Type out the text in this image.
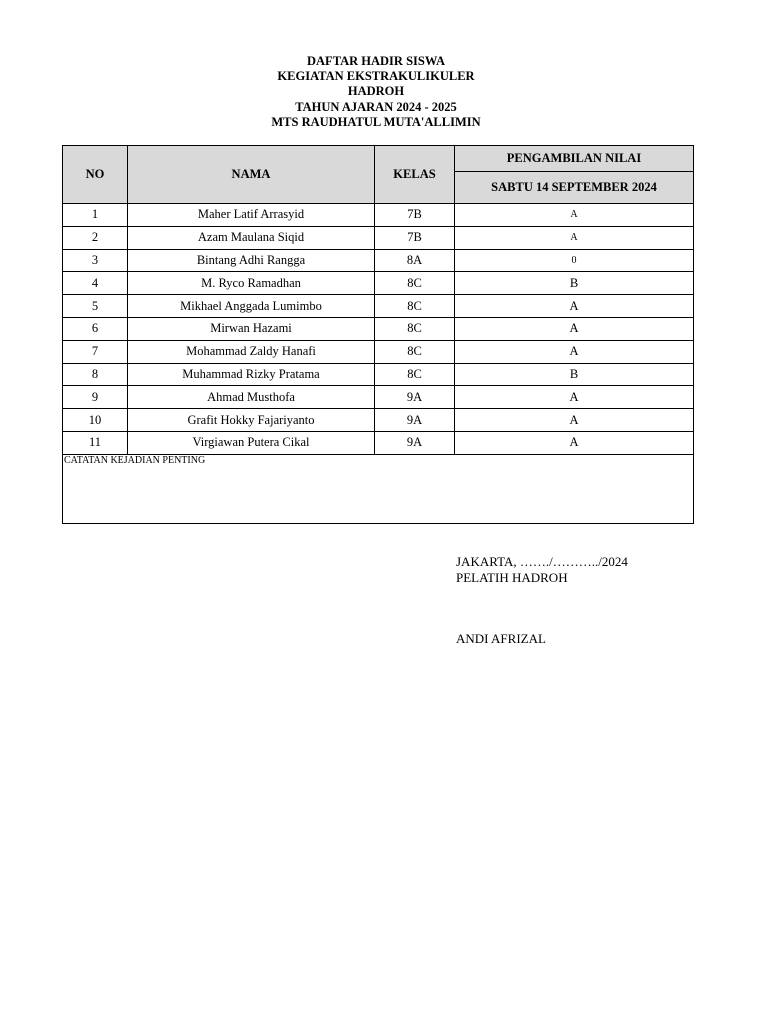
DAFTAR HADIR SISWA
KEGIATAN EKSTRAKULIKULER
HADROH
TAHUN AJARAN 2024 - 2025
MTS RAUDHATUL MUTA'ALLIMIN
NO	NAMA	KELAS	PENGAMBILAN NILAI
			SABTU 14 SEPTEMBER 2024
1	Maher Latif Arrasyid	7B	A
2	Azam Maulana Siqid	7B	A
3	Bintang Adhi Rangga	8A	0
4	M. Ryco Ramadhan	8C	B
5	Mikhael Anggada Lumimbo	8C	A
6	Mirwan Hazami	8C	A
7	Mohammad Zaldy Hanafi	8C	A
8	Muhammad Rizky Pratama	8C	B
9	Ahmad Musthofa	9A	A
10	Grafit Hokky Fajariyanto	9A	A
11	Virgiawan Putera Cikal	9A	A

CATATAN KEJADIAN PENTING			
JAKARTA, ……./………../2024
PELATIH HADROH
ANDI AFRIZAL
